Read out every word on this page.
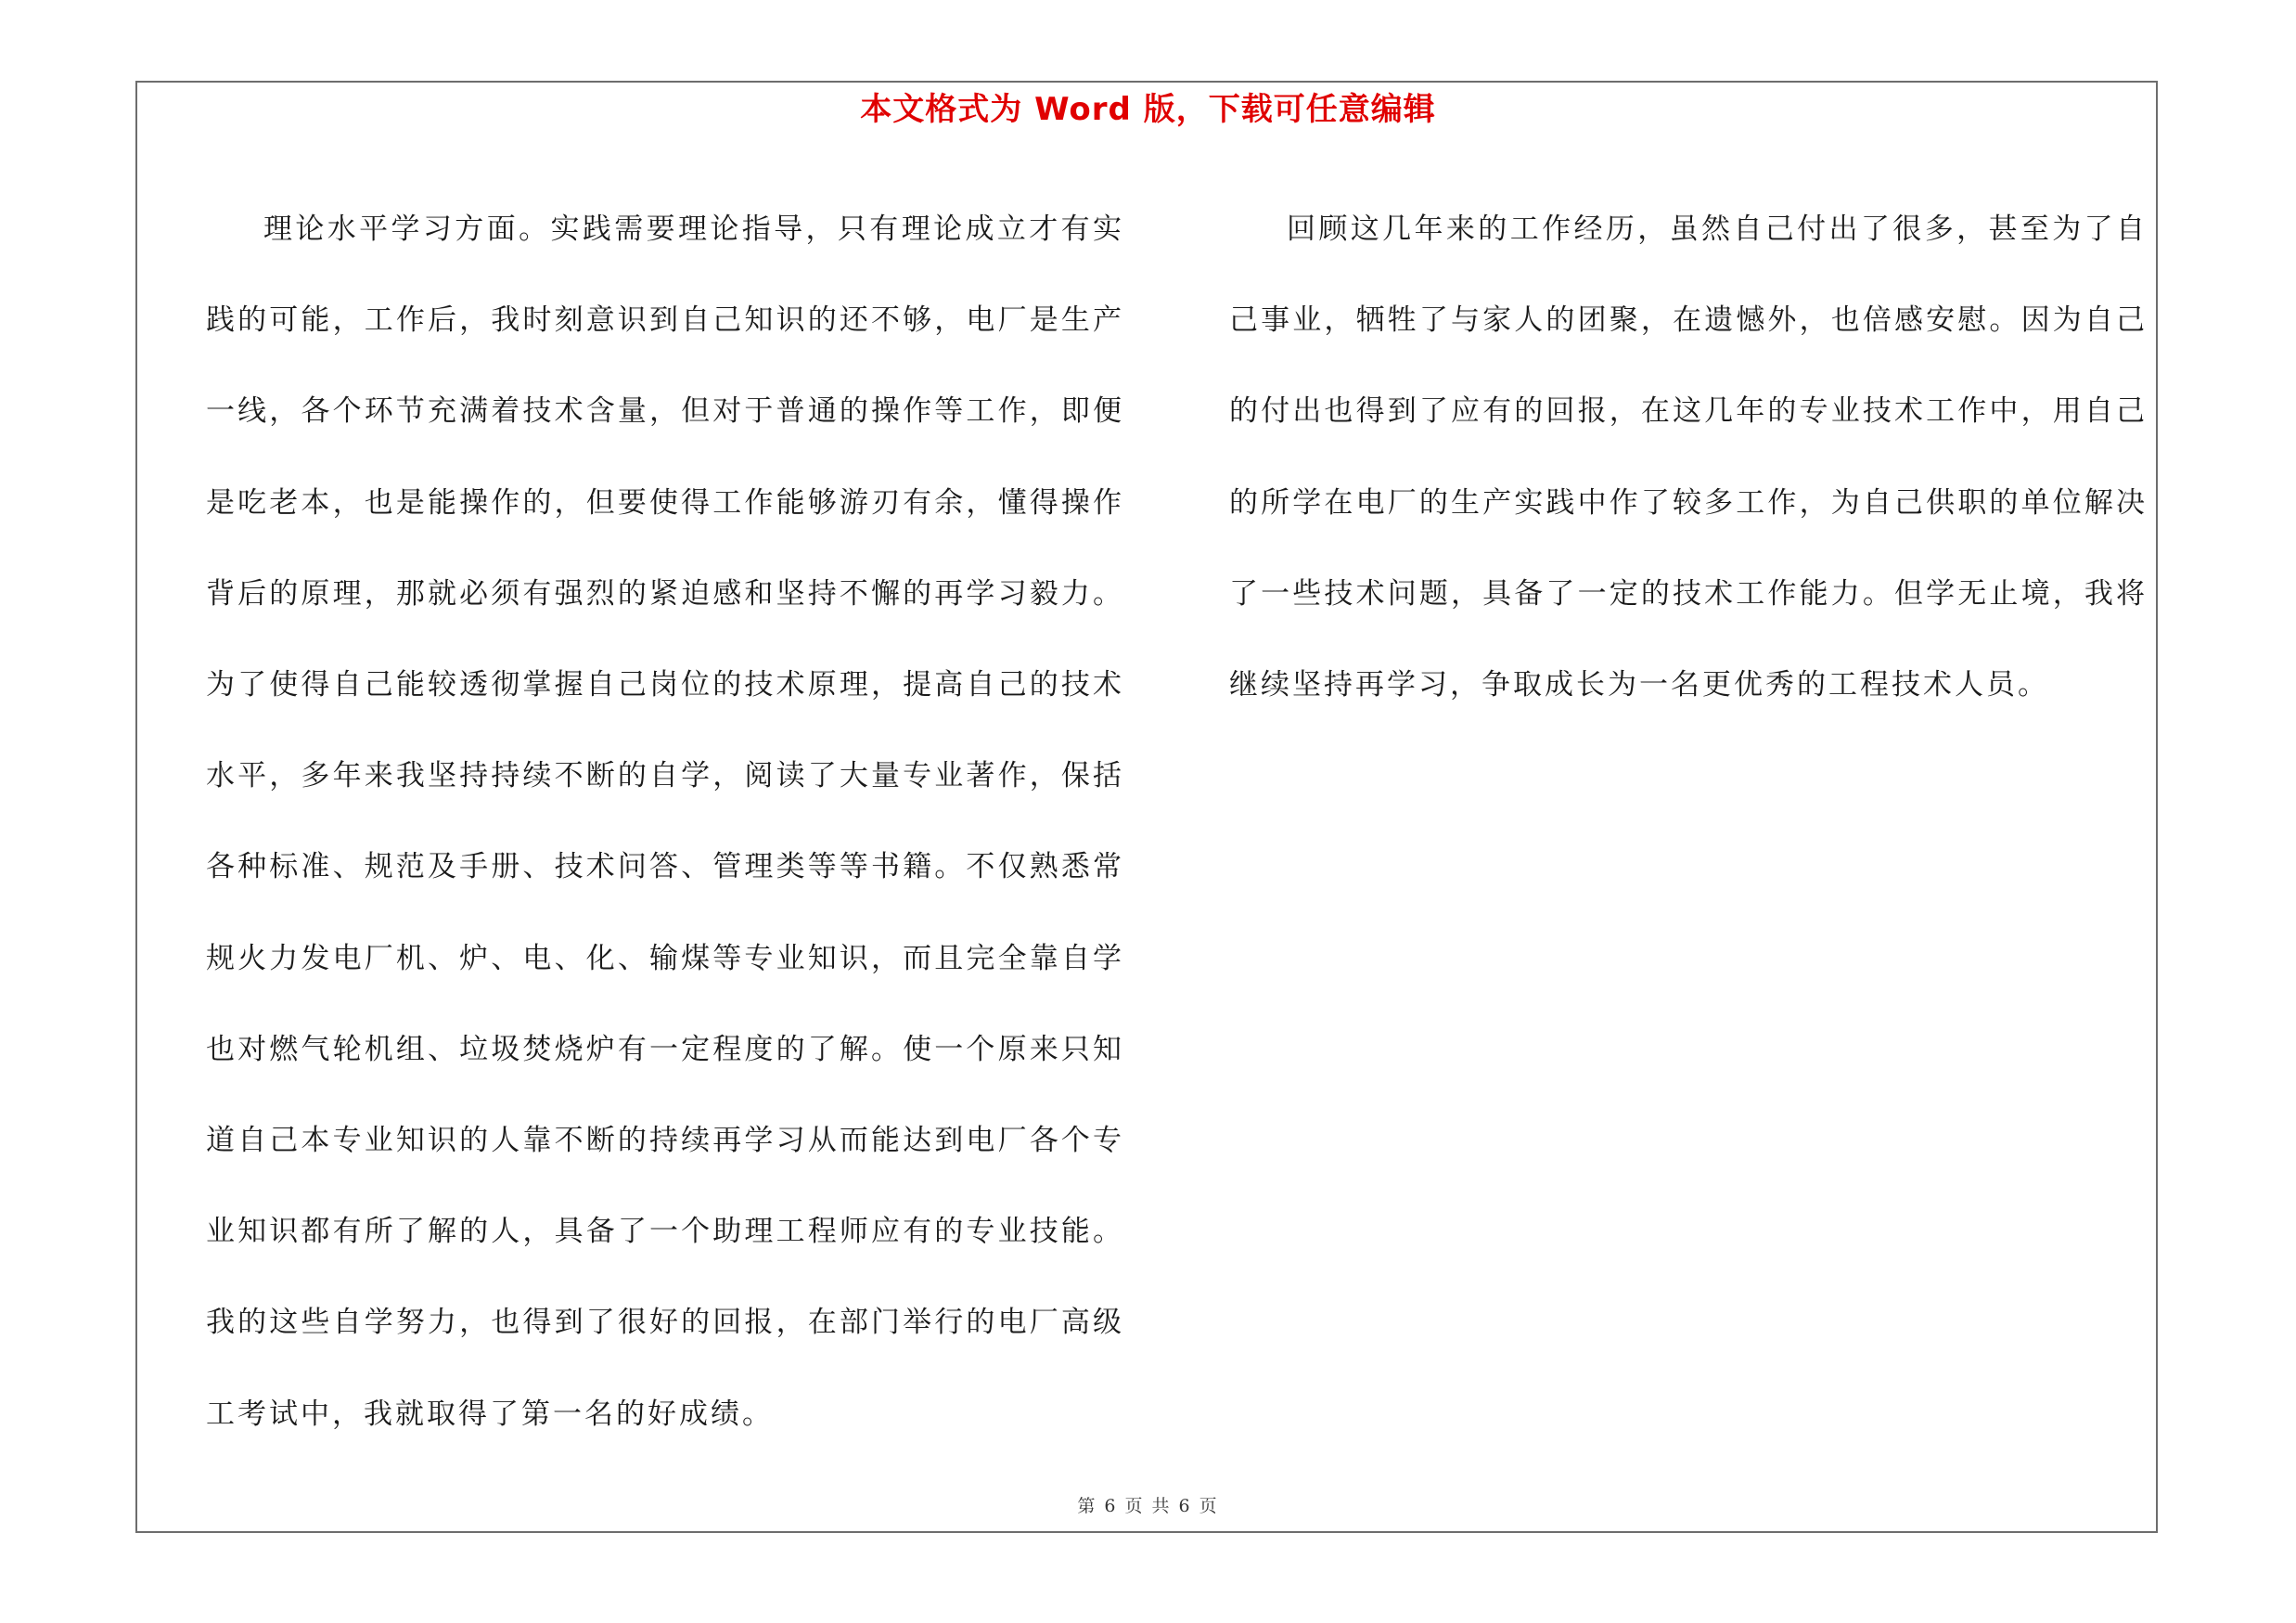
本文格式为 Word 版，下载可任意编辑

理论水平学习方面。实践需要理论指导，只有理论成立才有实践的可能，工作后，我时刻意识到自己知识的还不够，电厂是生产一线，各个环节充满着技术含量，但对于普通的操作等工作，即便是吃老本，也是能操作的，但要使得工作能够游刃有余，懂得操作背后的原理，那就必须有强烈的紧迫感和坚持不懈的再学习毅力。为了使得自己能较透彻掌握自己岗位的技术原理，提高自己的技术水平，多年来我坚持持续不断的自学，阅读了大量专业著作，保括各种标准、规范及手册、技术问答、管理类等等书籍。不仅熟悉常规火力发电厂机、炉、电、化、输煤等专业知识，而且完全靠自学也对燃气轮机组、垃圾焚烧炉有一定程度的了解。使一个原来只知道自己本专业知识的人靠不断的持续再学习从而能达到电厂各个专业知识都有所了解的人，具备了一个助理工程师应有的专业技能。我的这些自学努力，也得到了很好的回报，在部门举行的电厂高级工考试中，我就取得了第一名的好成绩。

回顾这几年来的工作经历，虽然自己付出了很多，甚至为了自己事业，牺牲了与家人的团聚，在遗憾外，也倍感安慰。因为自己的付出也得到了应有的回报，在这几年的专业技术工作中，用自己的所学在电厂的生产实践中作了较多工作，为自己供职的单位解决了一些技术问题，具备了一定的技术工作能力。但学无止境，我将继续坚持再学习，争取成长为一名更优秀的工程技术人员。

第 6 页 共 6 页
